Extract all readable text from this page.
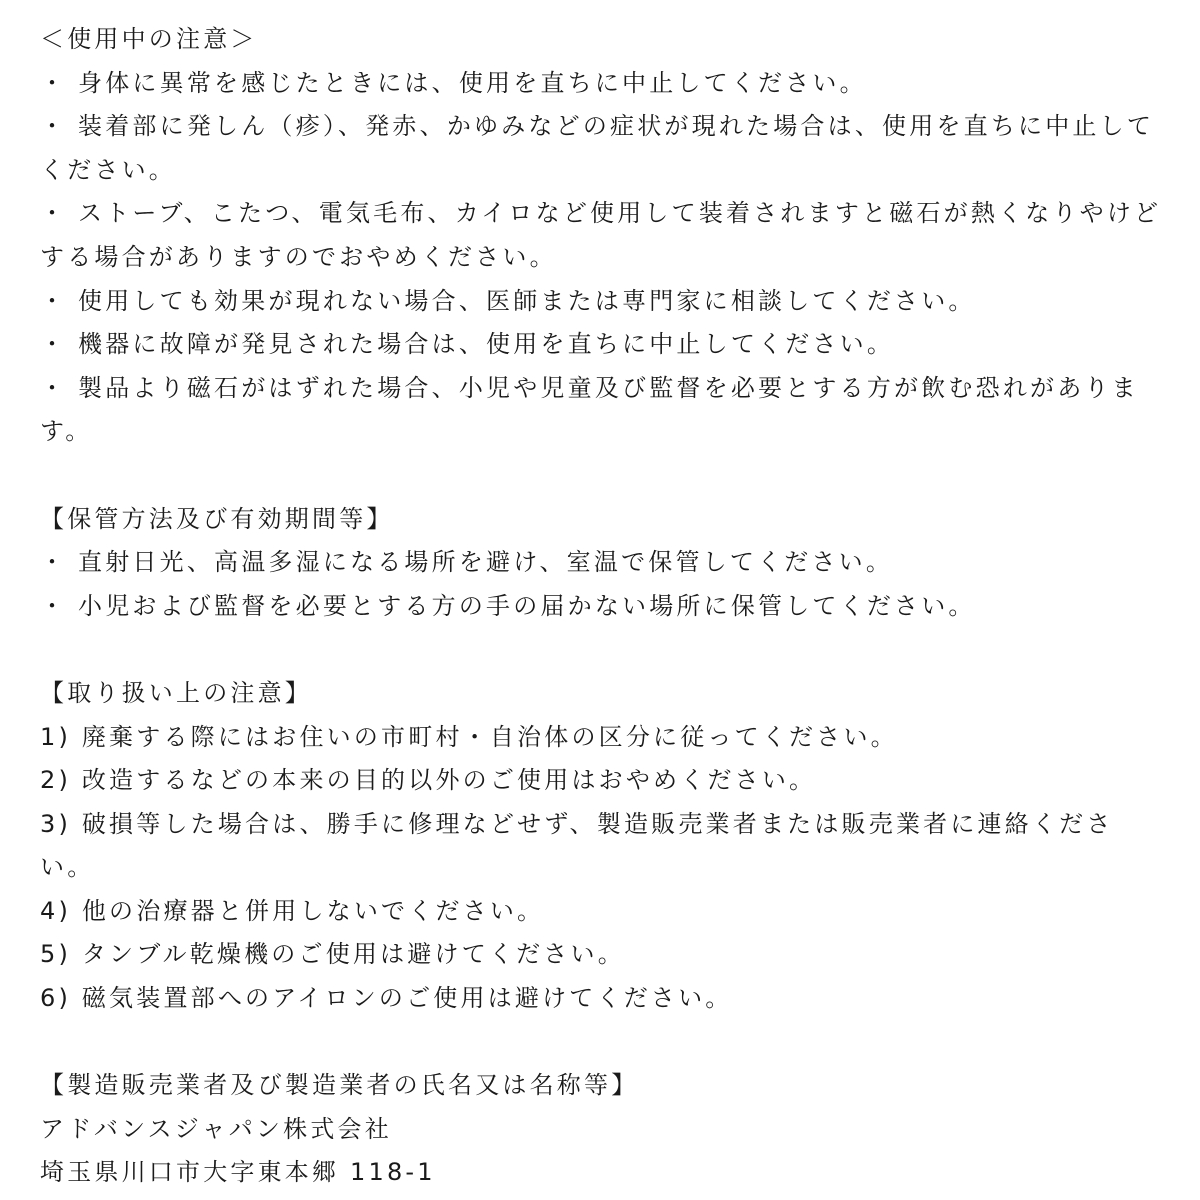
＜使用中の注意＞
・ 身体に異常を感じたときには、使用を直ちに中止してください。
・ 装着部に発しん（疹）、発赤、かゆみなどの症状が現れた場合は、使用を直ちに中止してください。
・ ストーブ、こたつ、電気毛布、カイロなど使用して装着されますと磁石が熱くなりやけどする場合がありますのでおやめください。
・ 使用しても効果が現れない場合、医師または専門家に相談してください。
・ 機器に故障が発見された場合は、使用を直ちに中止してください。
・ 製品より磁石がはずれた場合、小児や児童及び監督を必要とする方が飲む恐れがあります。
【保管方法及び有効期間等】
・ 直射日光、高温多湿になる場所を避け、室温で保管してください。
・ 小児および監督を必要とする方の手の届かない場所に保管してください。
【取り扱い上の注意】
1) 廃棄する際にはお住いの市町村・自治体の区分に従ってください。
2) 改造するなどの本来の目的以外のご使用はおやめください。
3) 破損等した場合は、勝手に修理などせず、製造販売業者または販売業者に連絡ください。
4) 他の治療器と併用しないでください。
5) タンブル乾燥機のご使用は避けてください。
6) 磁気装置部へのアイロンのご使用は避けてください。
【製造販売業者及び製造業者の氏名又は名称等】
アドバンスジャパン株式会社
埼玉県川口市大字東本郷 118-1
